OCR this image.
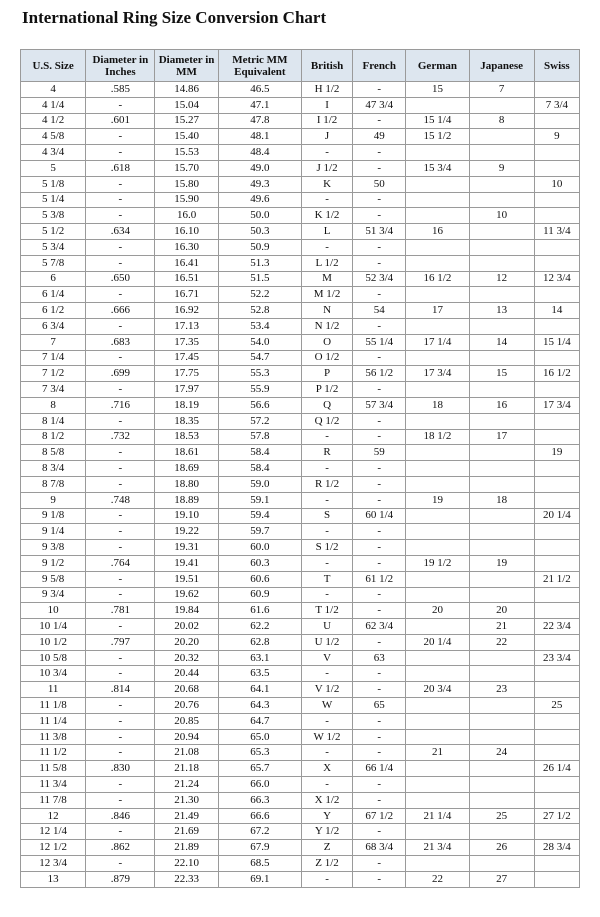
International Ring Size Conversion Chart
U.S. Size	Diameter in Inches	Diameter in MM	Metric MM Equivalent	British	French	German	Japanese	Swiss
4	.585	14.86	46.5	H 1/2	-	15	7	
4 1/4	-	15.04	47.1	I	47 3/4			7 3/4
4 1/2	.601	15.27	47.8	I 1/2	-	15 1/4	8	
4 5/8	-	15.40	48.1	J	49	15 1/2		9
4 3/4	-	15.53	48.4	-	-			
5	.618	15.70	49.0	J 1/2	-	15 3/4	9	
5 1/8	-	15.80	49.3	K	50			10
5 1/4	-	15.90	49.6	-	-			
5 3/8	-	16.0	50.0	K 1/2	-		10	
5 1/2	.634	16.10	50.3	L	51 3/4	16		11 3/4
5 3/4	-	16.30	50.9	-	-			
5 7/8	-	16.41	51.3	L 1/2	-			
6	.650	16.51	51.5	M	52 3/4	16 1/2	12	12 3/4
6 1/4	-	16.71	52.2	M 1/2	-			
6 1/2	.666	16.92	52.8	N	54	17	13	14
6 3/4	-	17.13	53.4	N 1/2	-			
7	.683	17.35	54.0	O	55 1/4	17 1/4	14	15 1/4
7 1/4	-	17.45	54.7	O 1/2	-			
7 1/2	.699	17.75	55.3	P	56 1/2	17 3/4	15	16 1/2
7 3/4	-	17.97	55.9	P 1/2	-			
8	.716	18.19	56.6	Q	57 3/4	18	16	17 3/4
8 1/4	-	18.35	57.2	Q 1/2	-			
8 1/2	.732	18.53	57.8	-	-	18 1/2	17	
8 5/8	-	18.61	58.4	R	59			19
8 3/4	-	18.69	58.4	-	-			
8 7/8	-	18.80	59.0	R 1/2	-			
9	.748	18.89	59.1	-	-	19	18	
9 1/8	-	19.10	59.4	S	60 1/4			20 1/4
9 1/4	-	19.22	59.7	-	-			
9 3/8	-	19.31	60.0	S 1/2	-			
9 1/2	.764	19.41	60.3	-	-	19 1/2	19	
9 5/8	-	19.51	60.6	T	61 1/2			21 1/2
9 3/4	-	19.62	60.9	-	-			
10	.781	19.84	61.6	T 1/2	-	20	20	
10 1/4	-	20.02	62.2	U	62 3/4		21	22 3/4
10 1/2	.797	20.20	62.8	U 1/2	-	20 1/4	22	
10 5/8	-	20.32	63.1	V	63			23 3/4
10 3/4	-	20.44	63.5	-	-			
11	.814	20.68	64.1	V 1/2	-	20 3/4	23	
11 1/8	-	20.76	64.3	W	65			25
11 1/4	-	20.85	64.7	-	-			
11 3/8	-	20.94	65.0	W 1/2	-			
11 1/2	-	21.08	65.3	-	-	21	24	
11 5/8	.830	21.18	65.7	X	66 1/4			26 1/4
11 3/4	-	21.24	66.0	-	-			
11 7/8	-	21.30	66.3	X 1/2	-			
12	.846	21.49	66.6	Y	67 1/2	21 1/4	25	27 1/2
12 1/4	-	21.69	67.2	Y 1/2	-			
12 1/2	.862	21.89	67.9	Z	68 3/4	21 3/4	26	28 3/4
12 3/4	-	22.10	68.5	Z 1/2	-			
13	.879	22.33	69.1	-	-	22	27	
